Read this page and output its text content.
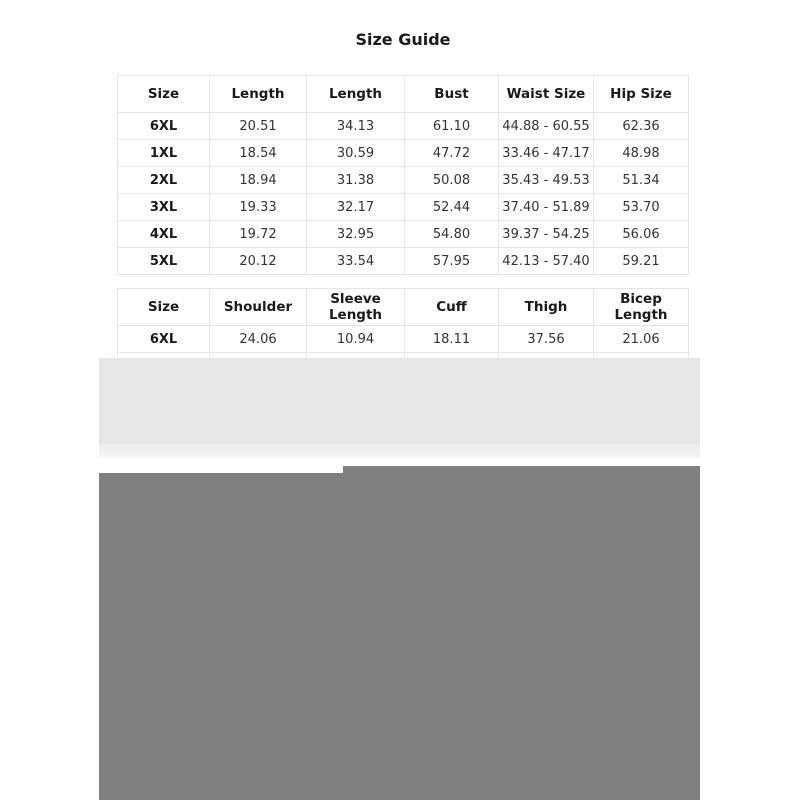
Size Guide
Size	Length	Length	Bust	Waist Size	Hip Size
6XL	20.51	34.13	61.10	44.88 - 60.55	62.36
1XL	18.54	30.59	47.72	33.46 - 47.17	48.98
2XL	18.94	31.38	50.08	35.43 - 49.53	51.34
3XL	19.33	32.17	52.44	37.40 - 51.89	53.70
4XL	19.72	32.95	54.80	39.37 - 54.25	56.06
5XL	20.12	33.54	57.95	42.13 - 57.40	59.21
Size	Shoulder	Sleeve Length	Cuff	Thigh	Bicep Length
6XL	24.06	10.94	18.11	37.56	21.06
